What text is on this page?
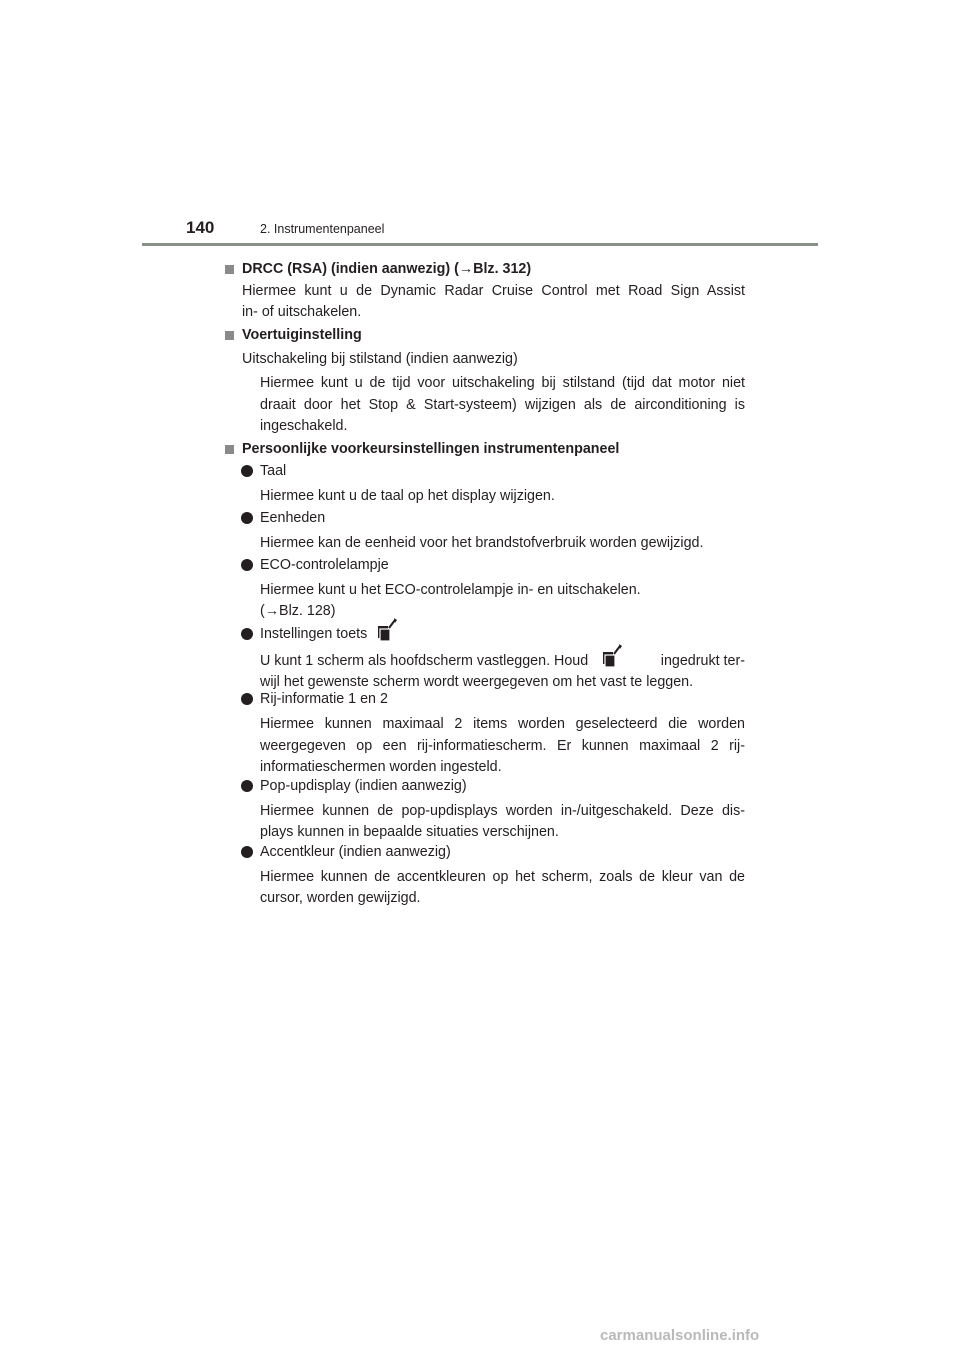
140	2. Instrumentenpaneel
DRCC (RSA) (indien aanwezig) (→Blz. 312)
Hiermee kunt u de Dynamic Radar Cruise Control met Road Sign Assist
in- of uitschakelen.
Voertuiginstelling
Uitschakeling bij stilstand (indien aanwezig)
Hiermee kunt u de tijd voor uitschakeling bij stilstand (tijd dat motor niet
draait door het Stop & Start-systeem) wijzigen als de airconditioning is
ingeschakeld.
Persoonlijke voorkeursinstellingen instrumentenpaneel
Taal
Hiermee kunt u de taal op het display wijzigen.
Eenheden
Hiermee kan de eenheid voor het brandstofverbruik worden gewijzigd.
ECO-controlelampje
Hiermee kunt u het ECO-controlelampje in- en uitschakelen.
(→Blz. 128)
Instellingen toets
U kunt 1 scherm als hoofdscherm vastleggen. Houd	ingedrukt ter-
wijl het gewenste scherm wordt weergegeven om het vast te leggen.
Rij-informatie 1 en 2
Hiermee kunnen maximaal 2 items worden geselecteerd die worden
weergegeven op een rij-informatiescherm. Er kunnen maximaal 2 rij-
informatieschermen worden ingesteld.
Pop-updisplay (indien aanwezig)
Hiermee kunnen de pop-updisplays worden in-/uitgeschakeld. Deze dis-
plays kunnen in bepaalde situaties verschijnen.
Accentkleur (indien aanwezig)
Hiermee kunnen de accentkleuren op het scherm, zoals de kleur van de
cursor, worden gewijzigd.
carmanualsonline.info
